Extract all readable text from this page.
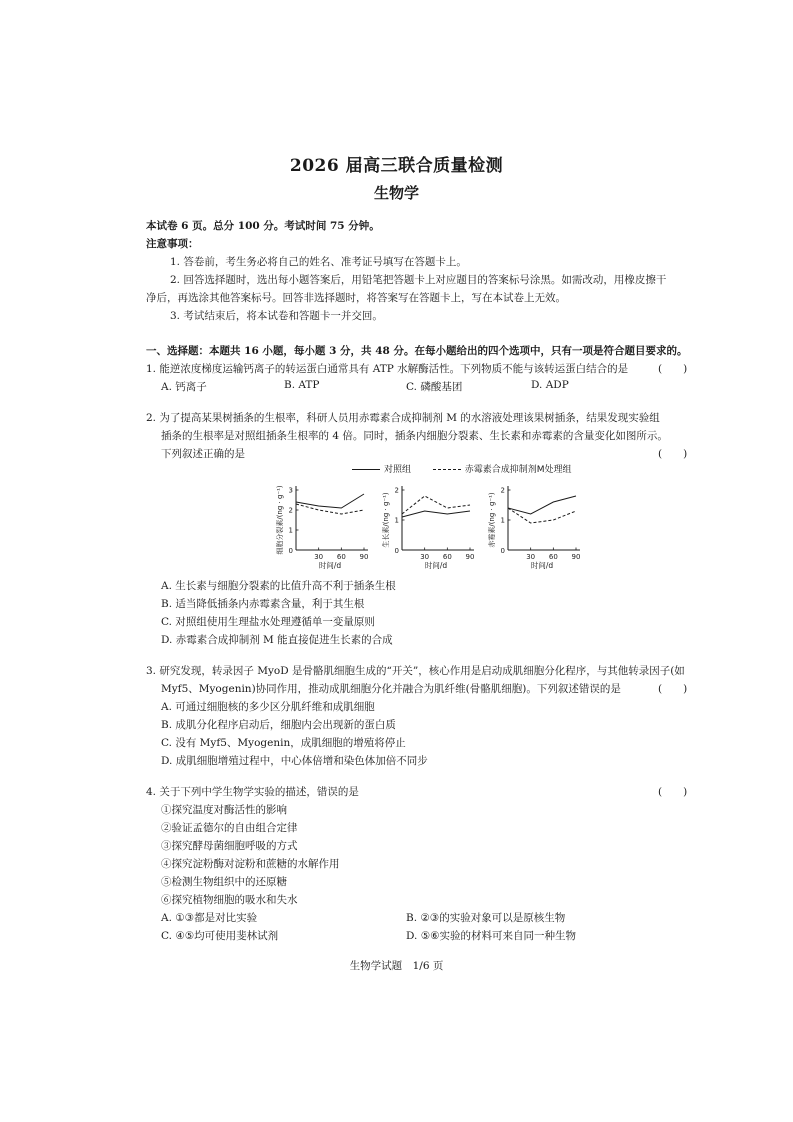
2026 届高三联合质量检测
生物学
本试卷 6 页。总分 100 分。考试时间 75 分钟。
注意事项：
1. 答卷前，考生务必将自己的姓名、准考证号填写在答题卡上。
2. 回答选择题时，选出每小题答案后，用铅笔把答题卡上对应题目的答案标号涂黑。如需改动，用橡皮擦干
净后，再选涂其他答案标号。回答非选择题时，将答案写在答题卡上，写在本试卷上无效。
3. 考试结束后，将本试卷和答题卡一并交回。
一、选择题：本题共 16 小题，每小题 3 分，共 48 分。在每小题给出的四个选项中，只有一项是符合题目要求的。
1. 能逆浓度梯度运输钙离子的转运蛋白通常具有 ATP 水解酶活性。下列物质不能与该转运蛋白结合的是	(　　)
A. 钙离子	B. ATP	C. 磷酸基团	D. ADP
2. 为了提高某果树插条的生根率，科研人员用赤霉素合成抑制剂 M 的水溶液处理该果树插条，结果发现实验组
插条的生根率是对照组插条生根率的 4 倍。同时，插条内细胞分裂素、生长素和赤霉素的含量变化如图所示。
下列叙述正确的是	(　　)
对照组	赤霉素合成抑制剂M处理组
30 60 90
0
1
2
3
时间/d
细胞分裂素/(ng · g⁻¹)
30 60 90
0
1
2
时间/d
生长素/(ng · g⁻¹)
30 60 90
0
1
2
时间/d
赤霉素/(ng · g⁻¹)
A. 生长素与细胞分裂素的比值升高不利于插条生根
B. 适当降低插条内赤霉素含量，利于其生根
C. 对照组使用生理盐水处理遵循单一变量原则
D. 赤霉素合成抑制剂 M 能直接促进生长素的合成
3. 研究发现，转录因子 MyoD 是骨骼肌细胞生成的“开关”，核心作用是启动成肌细胞分化程序，与其他转录因子(如
Myf5、Myogenin)协同作用，推动成肌细胞分化并融合为肌纤维(骨骼肌细胞)。下列叙述错误的是	(　　)
A. 可通过细胞核的多少区分肌纤维和成肌细胞
B. 成肌分化程序启动后，细胞内会出现新的蛋白质
C. 没有 Myf5、Myogenin，成肌细胞的增殖将停止
D. 成肌细胞增殖过程中，中心体倍增和染色体加倍不同步
4. 关于下列中学生物学实验的描述，错误的是	(　　)
①探究温度对酶活性的影响
②验证孟德尔的自由组合定律
③探究酵母菌细胞呼吸的方式
④探究淀粉酶对淀粉和蔗糖的水解作用
⑤检测生物组织中的还原糖
⑥探究植物细胞的吸水和失水
A. ①③都是对比实验	B. ②③的实验对象可以是原核生物
C. ④⑤均可使用斐林试剂	D. ⑤⑥实验的材料可来自同一种生物
生物学试题　1/6 页
